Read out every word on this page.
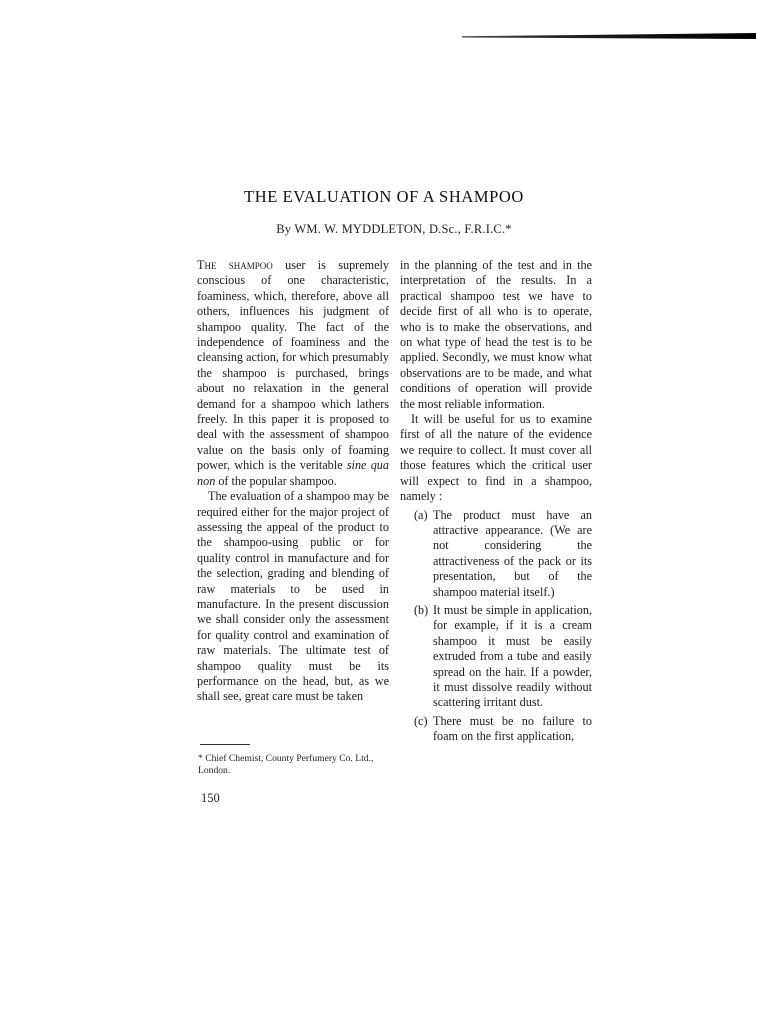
THE EVALUATION OF A SHAMPOO

By WM. W. MYDDLETON, D.Sc., F.R.I.C.*

The shampoo user is supremely conscious of one characteristic, foaminess, which, therefore, above all others, influences his judgment of shampoo quality. The fact of the independence of foaminess and the cleansing action, for which presumably the shampoo is purchased, brings about no relaxation in the general demand for a shampoo which lathers freely. In this paper it is proposed to deal with the assessment of shampoo value on the basis only of foaming power, which is the veritable sine qua non of the popular shampoo.

The evaluation of a shampoo may be required either for the major project of assessing the appeal of the product to the shampoo-using public or for quality control in manufacture and for the selection, grading and blending of raw materials to be used in manufacture. In the present discussion we shall consider only the assessment for quality control and examination of raw materials. The ultimate test of shampoo quality must be its performance on the head, but, as we shall see, great care must be taken

in the planning of the test and in the interpretation of the results. In a practical shampoo test we have to decide first of all who is to operate, who is to make the observations, and on what type of head the test is to be applied. Secondly, we must know what observations are to be made, and what conditions of operation will provide the most reliable information.

It will be useful for us to examine first of all the nature of the evidence we require to collect. It must cover all those features which the critical user will expect to find in a shampoo, namely :

(a) The product must have an attractive appearance. (We are not considering the attractiveness of the pack or its presentation, but of the shampoo material itself.)
(b) It must be simple in application, for example, if it is a cream shampoo it must be easily extruded from a tube and easily spread on the hair. If a powder, it must dissolve readily without scattering irritant dust.
(c) There must be no failure to foam on the first application,
* Chief Chemist, County Perfumery Co. Ltd., London.
150
